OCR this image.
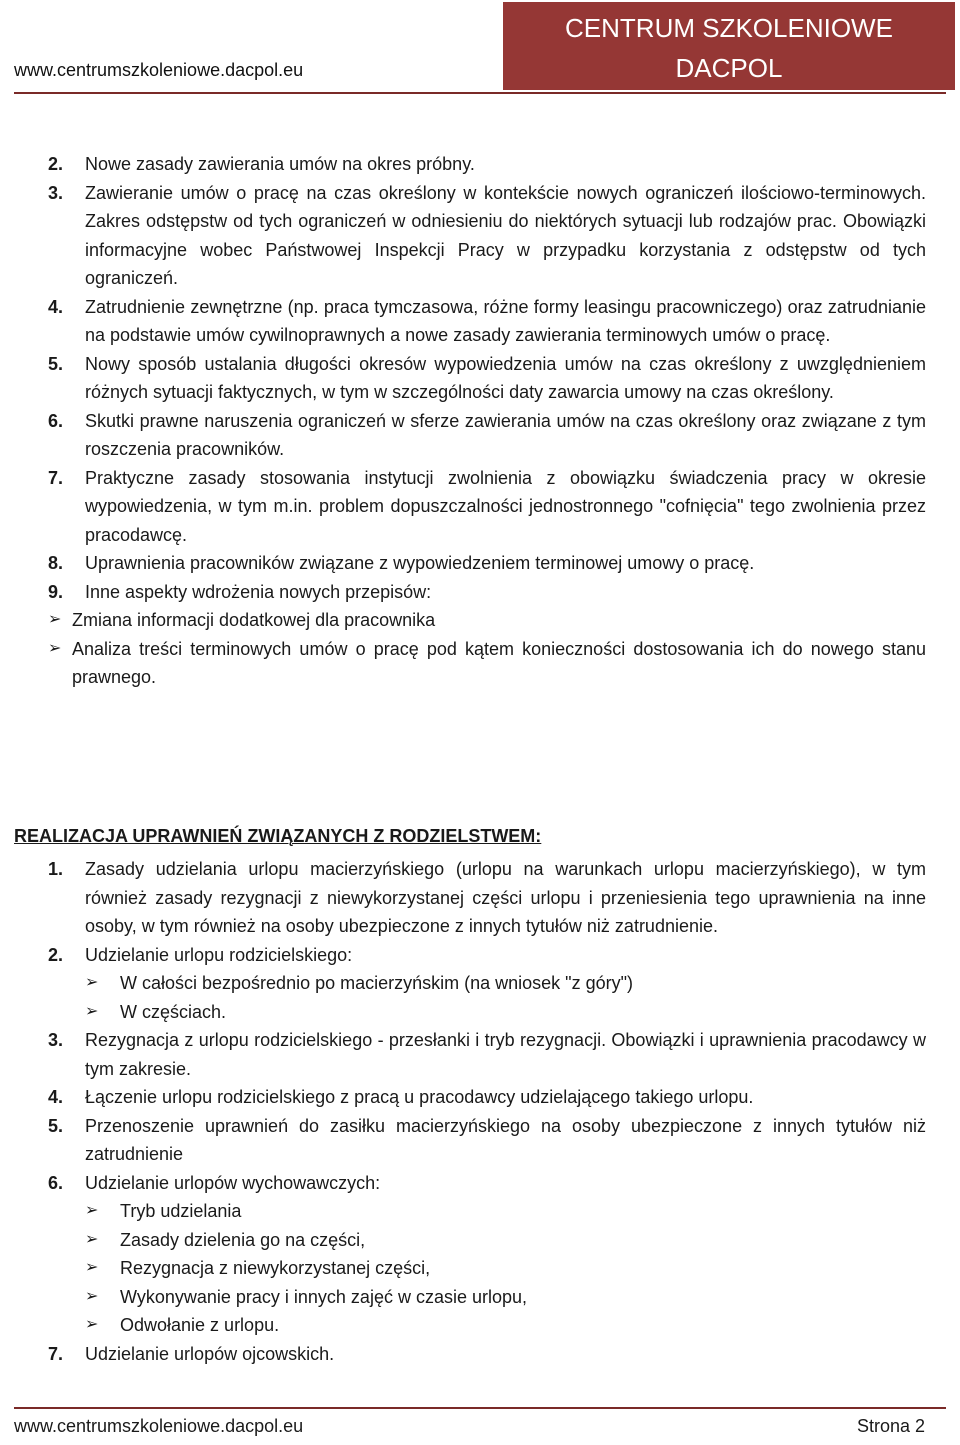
www.centrumszkoleniowe.dacpol.eu
CENTRUM SZKOLENIOWE
DACPOL
2.	Nowe zasady zawierania umów na okres próbny.
3.	Zawieranie umów o pracę na czas określony w kontekście nowych ograniczeń ilościowo-terminowych. Zakres odstępstw od tych ograniczeń w odniesieniu do niektórych sytuacji lub rodzajów prac. Obowiązki informacyjne wobec Państwowej Inspekcji Pracy w przypadku korzystania z odstępstw od tych ograniczeń.
4.	Zatrudnienie zewnętrzne (np. praca tymczasowa, różne formy leasingu pracowniczego) oraz zatrudnianie na podstawie umów cywilnoprawnych a nowe zasady zawierania terminowych umów o pracę.
5.	Nowy sposób ustalania długości okresów wypowiedzenia umów na czas określony z uwzględnieniem różnych sytuacji faktycznych, w tym w szczególności daty zawarcia umowy na czas określony.
6.	Skutki prawne naruszenia ograniczeń w sferze zawierania umów na czas określony oraz związane z tym roszczenia pracowników.
7.	Praktyczne zasady stosowania instytucji zwolnienia z obowiązku świadczenia pracy w okresie wypowiedzenia, w tym m.in. problem dopuszczalności jednostronnego "cofnięcia" tego zwolnienia przez pracodawcę.
8.	Uprawnienia pracowników związane z wypowiedzeniem terminowej umowy o pracę.
9.	Inne aspekty wdrożenia nowych przepisów:
➢ Zmiana informacji dodatkowej dla pracownika
➢ Analiza treści terminowych umów o pracę pod kątem konieczności dostosowania ich do nowego stanu prawnego.
REALIZACJA UPRAWNIEŃ ZWIĄZANYCH Z RODZIELSTWEM:
1.	Zasady udzielania urlopu macierzyńskiego (urlopu na warunkach urlopu macierzyńskiego), w tym również zasady rezygnacji z niewykorzystanej części urlopu i przeniesienia tego uprawnienia na inne osoby, w tym również na osoby ubezpieczone z innych tytułów niż zatrudnienie.
2.	Udzielanie urlopu rodzicielskiego:
➢	W całości bezpośrednio po macierzyńskim (na wniosek "z góry")
➢	W częściach.
3.	Rezygnacja z urlopu rodzicielskiego - przesłanki i tryb rezygnacji. Obowiązki i uprawnienia pracodawcy w tym zakresie.
4.	Łączenie urlopu rodzicielskiego z pracą u pracodawcy udzielającego takiego urlopu.
5.	Przenoszenie uprawnień do zasiłku macierzyńskiego na osoby ubezpieczone z innych tytułów niż zatrudnienie
6.	Udzielanie urlopów wychowawczych:
➢	Tryb udzielania
➢	Zasady dzielenia go na części,
➢	Rezygnacja z niewykorzystanej części,
➢	Wykonywanie pracy i innych zajęć w czasie urlopu,
➢	Odwołanie z urlopu.
7.	Udzielanie urlopów ojcowskich.
www.centrumszkoleniowe.dacpol.eu	Strona 2
